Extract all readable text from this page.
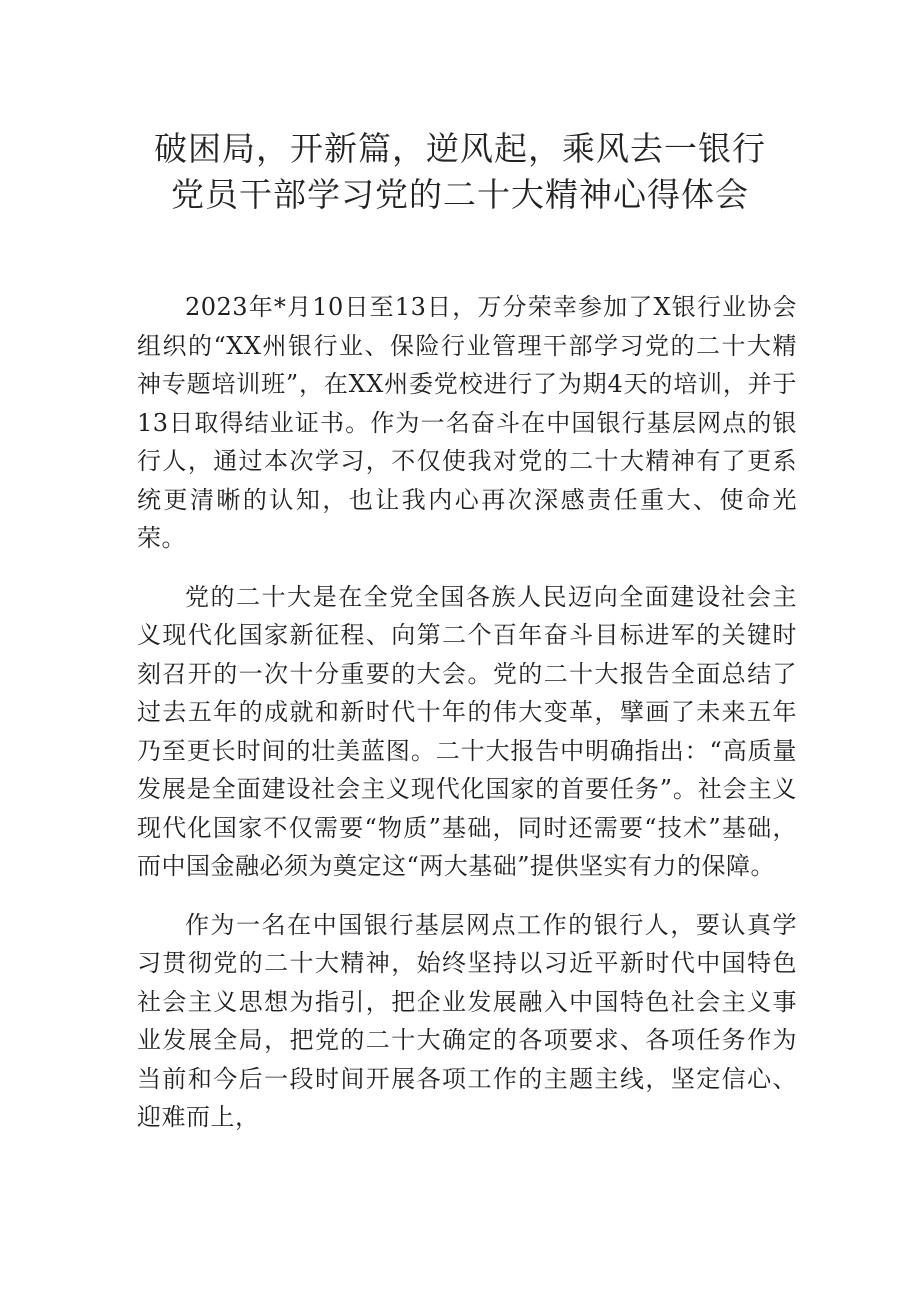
破困局，开新篇，逆风起，乘风去一银行
党员干部学习党的二十大精神心得体会

2023年*月10日至13日，万分荣幸参加了X银行业协会组织的“XX州银行业、保险行业管理干部学习党的二十大精神专题培训班”，在XX州委党校进行了为期4天的培训，并于13日取得结业证书。作为一名奋斗在中国银行基层网点的银行人，通过本次学习，不仅使我对党的二十大精神有了更系统更清晰的认知，也让我内心再次深感责任重大、使命光荣。

党的二十大是在全党全国各族人民迈向全面建设社会主义现代化国家新征程、向第二个百年奋斗目标进军的关键时刻召开的一次十分重要的大会。党的二十大报告全面总结了过去五年的成就和新时代十年的伟大变革，擘画了未来五年乃至更长时间的壮美蓝图。二十大报告中明确指出：“高质量发展是全面建设社会主义现代化国家的首要任务”。社会主义现代化国家不仅需要“物质”基础，同时还需要“技术”基础，而中国金融必须为奠定这“两大基础”提供坚实有力的保障。

作为一名在中国银行基层网点工作的银行人，要认真学习贯彻党的二十大精神，始终坚持以习近平新时代中国特色社会主义思想为指引，把企业发展融入中国特色社会主义事业发展全局，把党的二十大确定的各项要求、各项任务作为当前和今后一段时间开展各项工作的主题主线，坚定信心、迎难而上，
